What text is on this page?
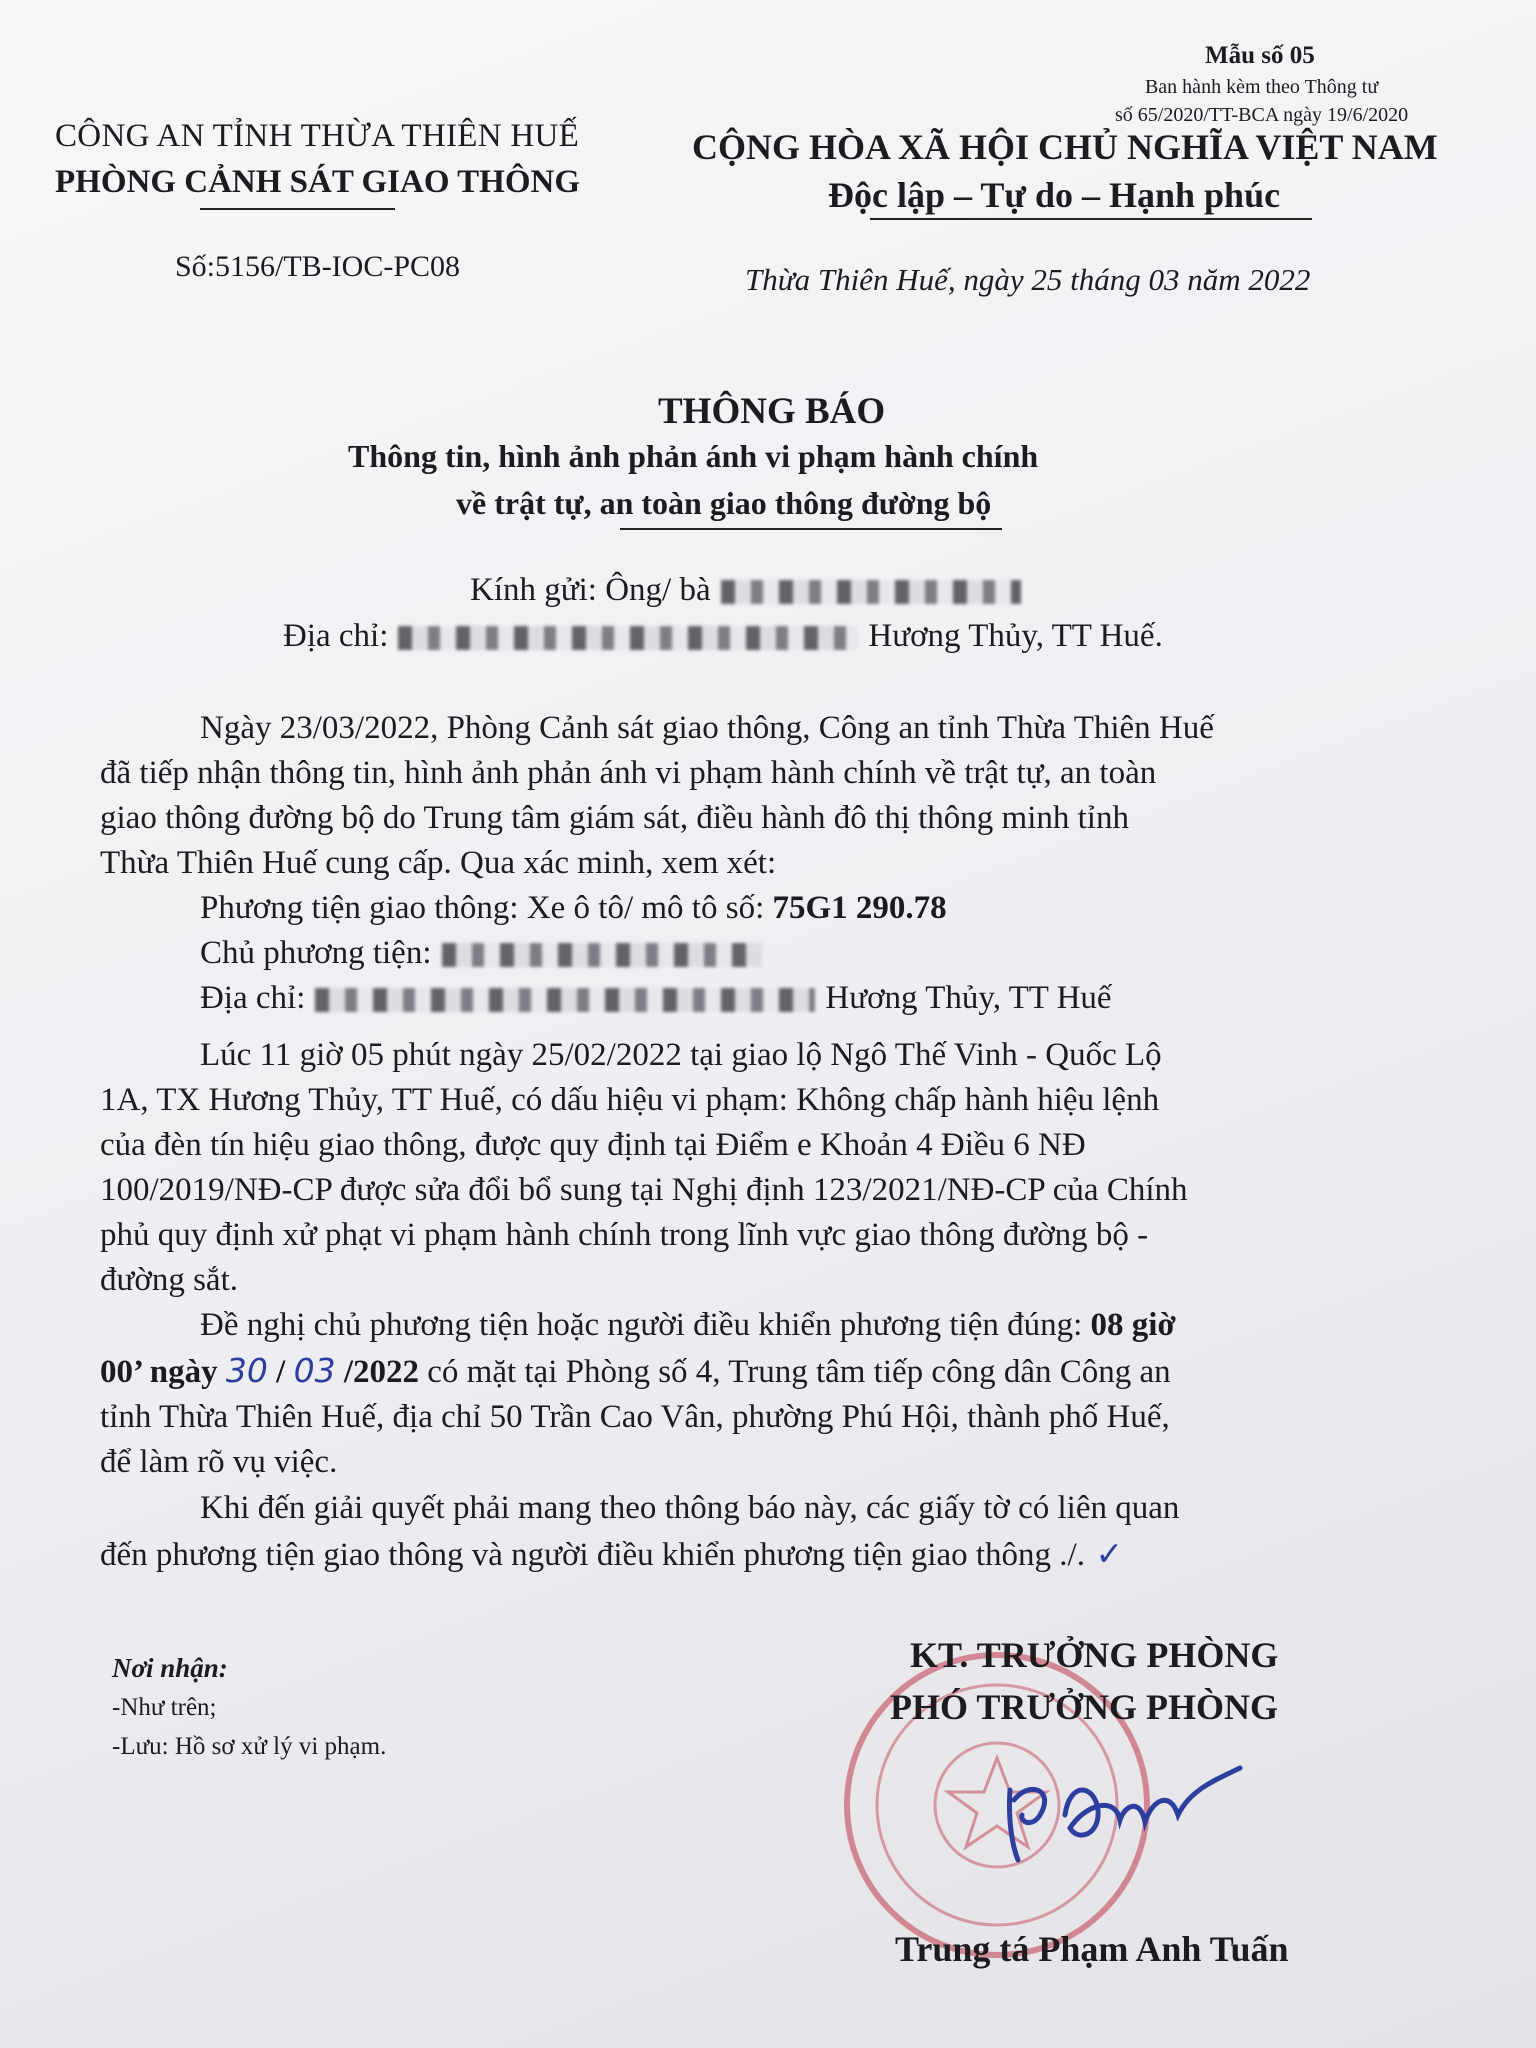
Mẫu số 05
Ban hành kèm theo Thông tư
số 65/2020/TT-BCA ngày 19/6/2020
CÔNG AN TỈNH THỪA THIÊN HUẾ
PHÒNG CẢNH SÁT GIAO THÔNG
Số:5156/TB-IOC-PC08
CỘNG HÒA XÃ HỘI CHỦ NGHĨA VIỆT NAM
Độc lập – Tự do – Hạnh phúc
Thừa Thiên Huế, ngày 25 tháng 03 năm 2022
THÔNG BÁO
Thông tin, hình ảnh phản ánh vi phạm hành chính
về trật tự, an toàn giao thông đường bộ
Kính gửi: Ông/ bà
Địa chỉ:	Hương Thủy, TT Huế.
Ngày 23/03/2022, Phòng Cảnh sát giao thông, Công an tỉnh Thừa Thiên Huế
đã tiếp nhận thông tin, hình ảnh phản ánh vi phạm hành chính về trật tự, an toàn
giao thông đường bộ do Trung tâm giám sát, điều hành đô thị thông minh tỉnh
Thừa Thiên Huế cung cấp. Qua xác minh, xem xét:
Phương tiện giao thông: Xe ô tô/ mô tô số: 75G1 290.78
Chủ phương tiện:
Địa chỉ:	Hương Thủy, TT Huế
Lúc 11 giờ 05 phút ngày 25/02/2022 tại giao lộ Ngô Thế Vinh - Quốc Lộ
1A, TX Hương Thủy, TT Huế, có dấu hiệu vi phạm: Không chấp hành hiệu lệnh
của đèn tín hiệu giao thông, được quy định tại Điểm e Khoản 4 Điều 6 NĐ
100/2019/NĐ-CP được sửa đổi bổ sung tại Nghị định 123/2021/NĐ-CP của Chính
phủ quy định xử phạt vi phạm hành chính trong lĩnh vực giao thông đường bộ -
đường sắt.
Đề nghị chủ phương tiện hoặc người điều khiển phương tiện đúng: 08 giờ
00’ ngày 30 / 03 /2022 có mặt tại Phòng số 4, Trung tâm tiếp công dân Công an
tỉnh Thừa Thiên Huế, địa chỉ 50 Trần Cao Vân, phường Phú Hội, thành phố Huế,
để làm rõ vụ việc.
Khi đến giải quyết phải mang theo thông báo này, các giấy tờ có liên quan
đến phương tiện giao thông và người điều khiển phương tiện giao thông ./. ✓
Nơi nhận:
-Như trên;
-Lưu: Hồ sơ xử lý vi phạm.
KT. TRƯỞNG PHÒNG
PHÓ TRƯỞNG PHÒNG
Trung tá Phạm Anh Tuấn
